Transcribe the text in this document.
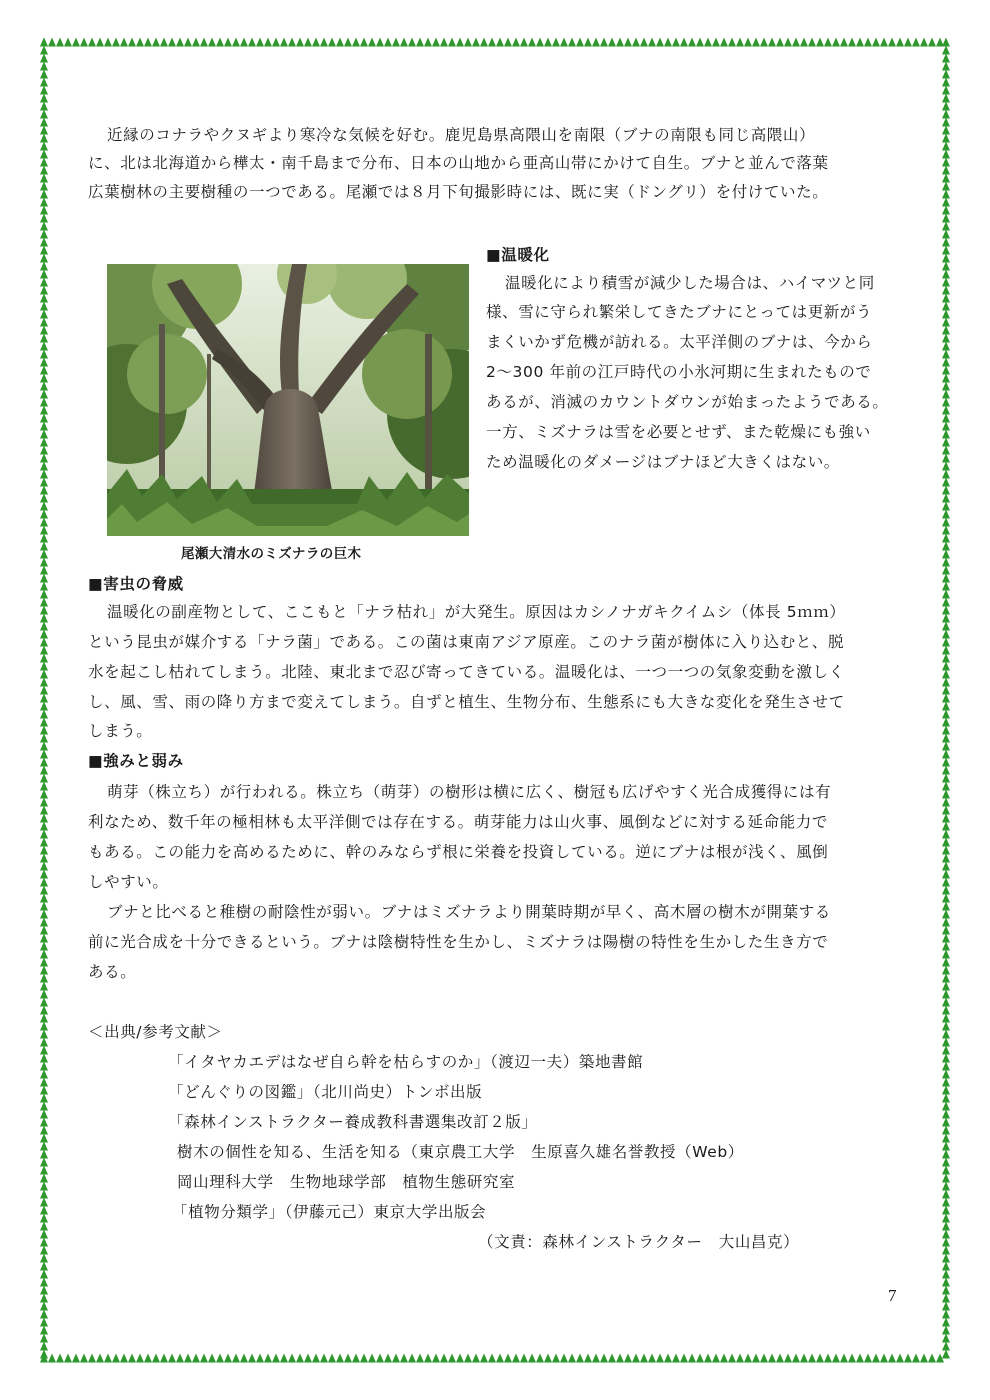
近縁のコナラやクヌギより寒冷な気候を好む。鹿児島県高隈山を南限（ブナの南限も同じ高隈山）
に、北は北海道から樺太・南千島まで分布、日本の山地から亜高山帯にかけて自生。ブナと並んで落葉
広葉樹林の主要樹種の一つである。尾瀬では８月下旬撮影時には、既に実（ドングリ）を付けていた。
■温暖化
温暖化により積雪が減少した場合は、ハイマツと同
様、雪に守られ繁栄してきたブナにとっては更新がう
まくいかず危機が訪れる。太平洋側のブナは、今から
2～300 年前の江戸時代の小氷河期に生まれたもので
あるが、消滅のカウントダウンが始まったようである。
一方、ミズナラは雪を必要とせず、また乾燥にも強い
ため温暖化のダメージはブナほど大きくはない。
尾瀬大清水のミズナラの巨木
■害虫の脅威
温暖化の副産物として、ここもと「ナラ枯れ」が大発生。原因はカシノナガキクイムシ（体長 5ｍｍ）
という昆虫が媒介する「ナラ菌」である。この菌は東南アジア原産。このナラ菌が樹体に入り込むと、脱
水を起こし枯れてしまう。北陸、東北まで忍び寄ってきている。温暖化は、一つ一つの気象変動を激しく
し、風、雪、雨の降り方まで変えてしまう。自ずと植生、生物分布、生態系にも大きな変化を発生させて
しまう。
■強みと弱み
萌芽（株立ち）が行われる。株立ち（萌芽）の樹形は横に広く、樹冠も広げやすく光合成獲得には有
利なため、数千年の極相林も太平洋側では存在する。萌芽能力は山火事、風倒などに対する延命能力で
もある。この能力を高めるために、幹のみならず根に栄養を投資している。逆にブナは根が浅く、風倒
しやすい。
ブナと比べると稚樹の耐陰性が弱い。ブナはミズナラより開葉時期が早く、高木層の樹木が開葉する
前に光合成を十分できるという。ブナは陰樹特性を生かし、ミズナラは陽樹の特性を生かした生き方で
ある。
＜出典/参考文献＞
「イタヤカエデはなぜ自ら幹を枯らすのか」（渡辺一夫）築地書館
「どんぐりの図鑑」（北川尚史）トンボ出版
「森林インストラクター養成教科書選集改訂２版」
樹木の個性を知る、生活を知る（東京農工大学　生原喜久雄名誉教授（Web）
岡山理科大学　生物地球学部　植物生態研究室
「植物分類学」（伊藤元己）東京大学出版会
（文責：森林インストラクター　大山昌克）
7
